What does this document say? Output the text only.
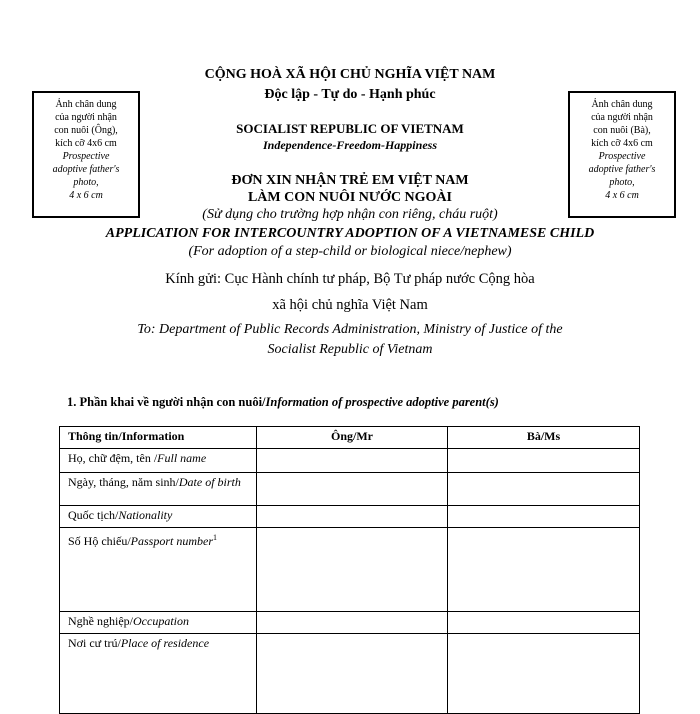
CỘNG HOÀ XÃ HỘI CHỦ NGHĨA VIỆT NAM
Độc lập - Tự do - Hạnh phúc
SOCIALIST REPUBLIC OF VIETNAM
Independence-Freedom-Happiness
Ảnh chân dung
của người nhận
con nuôi (Ông),
kích cỡ 4x6 cm
Prospective
adoptive father's
photo,
4 x 6 cm
Ảnh chân dung
của người nhận
con nuôi (Bà),
kích cỡ 4x6 cm
Prospective
adoptive father's
photo,
4 x 6 cm
ĐƠN XIN NHẬN TRẺ EM VIỆT NAM
LÀM CON NUÔI NƯỚC NGOÀI
(Sử dụng cho trường hợp nhận con riêng, cháu ruột)
APPLICATION FOR INTERCOUNTRY ADOPTION OF A VIETNAMESE CHILD
(For adoption of a step-child or biological niece/nephew)
Kính gửi: Cục Hành chính tư pháp, Bộ Tư pháp nước Cộng hòa
xã hội chủ nghĩa Việt Nam
To: Department of Public Records Administration, Ministry of Justice of the
Socialist Republic of Vietnam
1. Phần khai về người nhận con nuôi/Information of prospective adoptive parent(s)
Thông tin/Information	Ông/Mr	Bà/Ms
Họ, chữ đệm, tên /Full name		
Ngày, tháng, năm sinh/Date of birth		
Quốc tịch/Nationality		
Số Hộ chiếu/Passport number$^1$		
Nghề nghiệp/Occupation		
Nơi cư trú/Place of residence		
